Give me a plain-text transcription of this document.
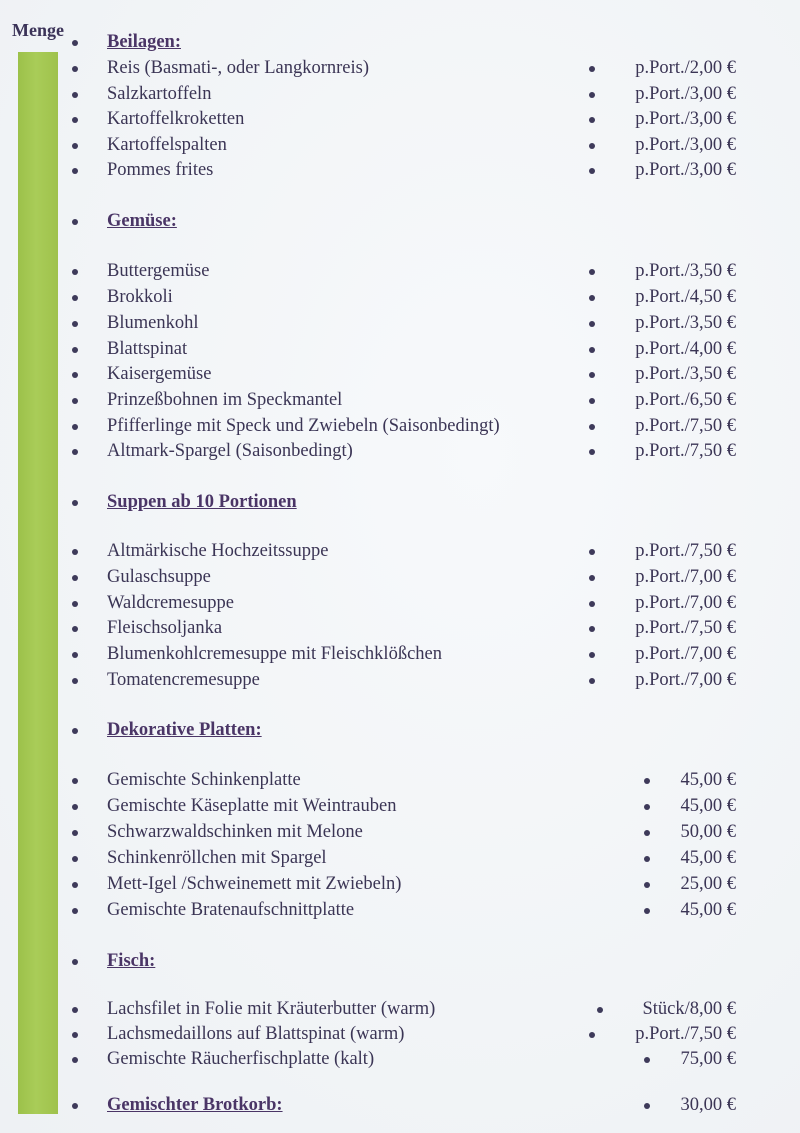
Menge
Beilagen:
Reis (Basmati-, oder Langkornreis)	p.Port./2,00 €
Salzkartoffeln	p.Port./3,00 €
Kartoffelkroketten	p.Port./3,00 €
Kartoffelspalten	p.Port./3,00 €
Pommes frites	p.Port./3,00 €
Gemüse:
Buttergemüse	p.Port./3,50 €
Brokkoli	p.Port./4,50 €
Blumenkohl	p.Port./3,50 €
Blattspinat	p.Port./4,00 €
Kaisergemüse	p.Port./3,50 €
Prinzeßbohnen im Speckmantel	p.Port./6,50 €
Pfifferlinge mit Speck und Zwiebeln (Saisonbedingt)	p.Port./7,50 €
Altmark-Spargel (Saisonbedingt)	p.Port./7,50 €
Suppen ab 10 Portionen
Altmärkische Hochzeitssuppe	p.Port./7,50 €
Gulaschsuppe	p.Port./7,00 €
Waldcremesuppe	p.Port./7,00 €
Fleischsoljanka	p.Port./7,50 €
Blumenkohlcremesuppe mit Fleischklößchen	p.Port./7,00 €
Tomatencremesuppe	p.Port./7,00 €
Dekorative Platten:
Gemischte Schinkenplatte	45,00 €
Gemischte Käseplatte mit Weintrauben	45,00 €
Schwarzwaldschinken mit Melone	50,00 €
Schinkenröllchen mit Spargel	45,00 €
Mett-Igel /Schweinemett mit Zwiebeln)	25,00 €
Gemischte Bratenaufschnittplatte	45,00 €
Fisch:
Lachsfilet in Folie mit Kräuterbutter (warm)	Stück/8,00 €
Lachsmedaillons auf Blattspinat (warm)	p.Port./7,50 €
Gemischte Räucherfischplatte (kalt)	75,00 €
Gemischter Brotkorb:	30,00 €
